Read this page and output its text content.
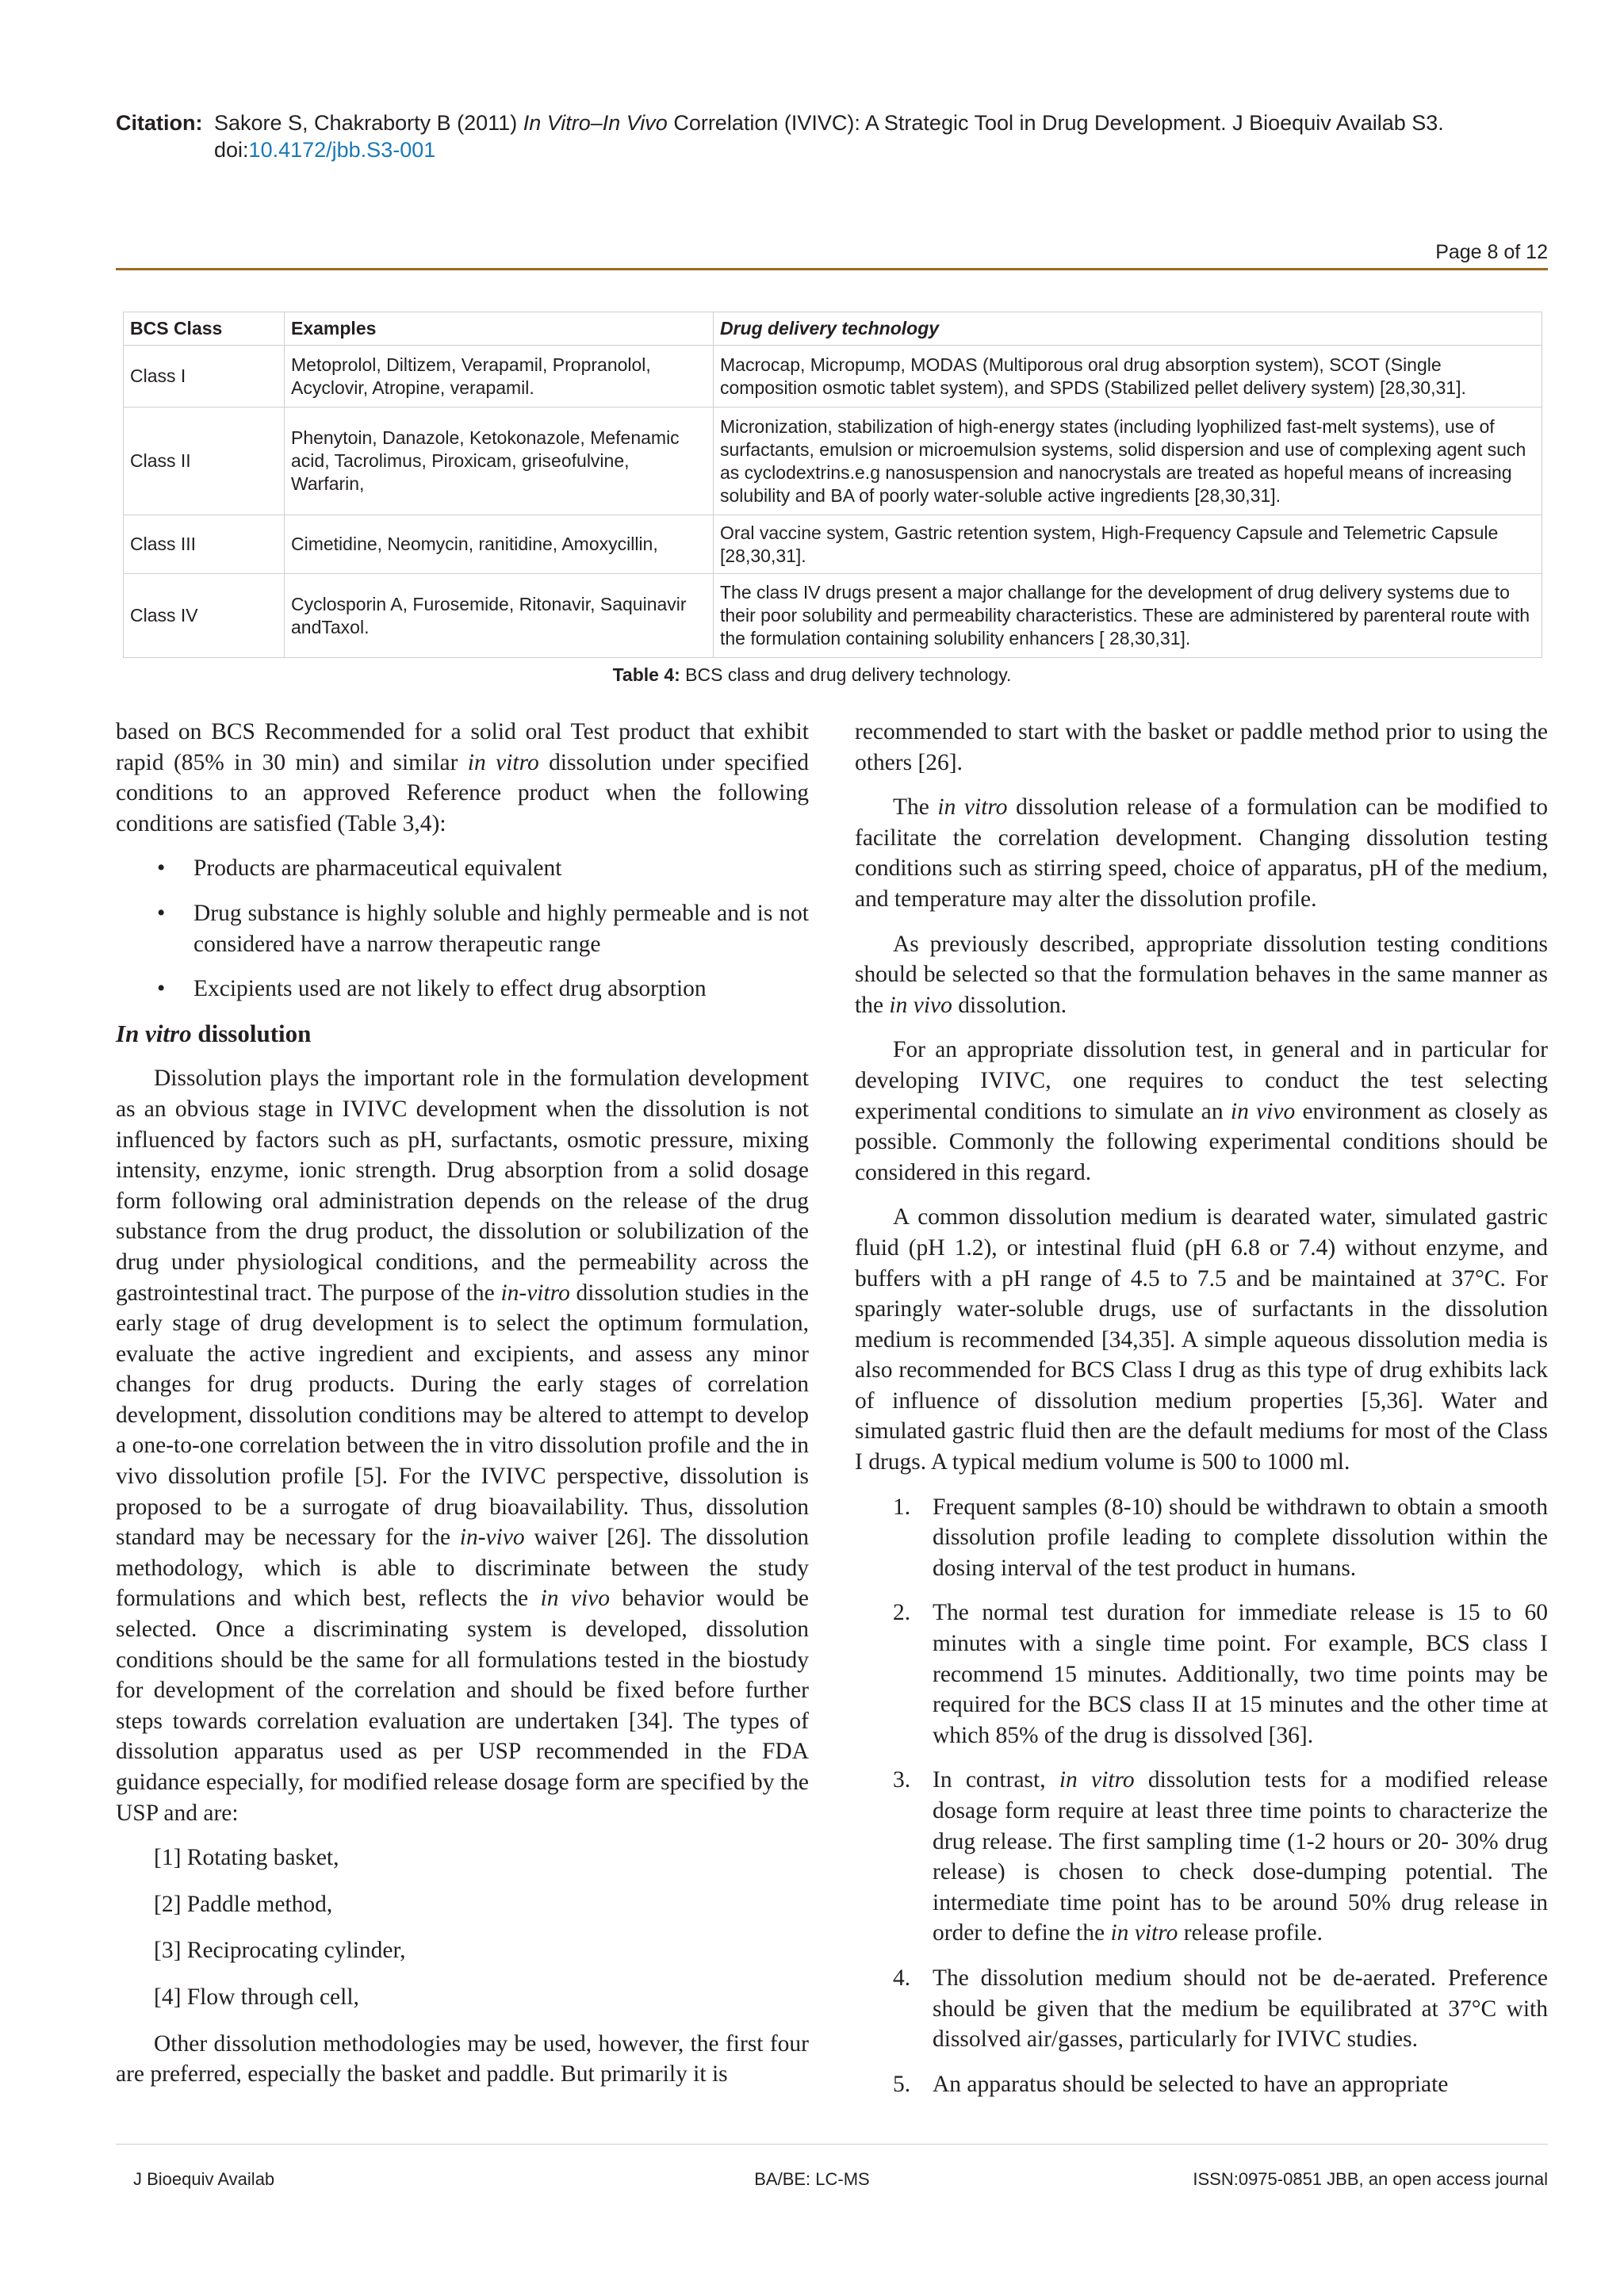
Citation: Sakore S, Chakraborty B (2011) In Vitro–In Vivo Correlation (IVIVC): A Strategic Tool in Drug Development. J Bioequiv Availab S3.
doi:10.4172/jbb.S3-001
Page 8 of 12
BCS Class	Examples	Drug delivery technology
Class I	Metoprolol, Diltizem, Verapamil, Propranolol, Acyclovir, Atropine, verapamil.	Macrocap, Micropump, MODAS (Multiporous oral drug absorption system), SCOT (Single composition osmotic tablet system), and SPDS (Stabilized pellet delivery system) [28,30,31].
Class II	Phenytoin, Danazole, Ketokonazole, Mefenamic acid, Tacrolimus, Piroxicam, griseofulvine, Warfarin,	Micronization, stabilization of high-energy states (including lyophilized fast-melt systems), use of surfactants, emulsion or microemulsion systems, solid dispersion and use of complexing agent such as cyclodextrins.e.g nanosuspension and nanocrystals are treated as hopeful means of increasing solubility and BA of poorly water-soluble active ingredients [28,30,31].
Class III	Cimetidine, Neomycin, ranitidine, Amoxycillin,	Oral vaccine system, Gastric retention system, High-Frequency Capsule and Telemetric Capsule [28,30,31].
Class IV	Cyclosporin A, Furosemide, Ritonavir, Saquinavir andTaxol.	The class IV drugs present a major challange for the development of drug delivery systems due to their poor solubility and permeability characteristics. These are administered by parenteral route with the formulation containing solubility enhancers [ 28,30,31].
Table 4: BCS class and drug delivery technology.

based on BCS Recommended for a solid oral Test product that exhibit rapid (85% in 30 min) and similar in vitro dissolution under specified conditions to an approved Reference product when the following conditions are satisfied (Table 3,4):

• Products are pharmaceutical equivalent
• Drug substance is highly soluble and highly permeable and is not considered have a narrow therapeutic range
• Excipients used are not likely to effect drug absorption
In vitro dissolution

Dissolution plays the important role in the formulation development as an obvious stage in IVIVC development when the dissolution is not influenced by factors such as pH, surfactants, osmotic pressure, mixing intensity, enzyme, ionic strength. Drug absorption from a solid dosage form following oral administration depends on the release of the drug substance from the drug product, the dissolution or solubilization of the drug under physiological conditions, and the permeability across the gastrointestinal tract. The purpose of the in-vitro dissolution studies in the early stage of drug development is to select the optimum formulation, evaluate the active ingredient and excipients, and assess any minor changes for drug products. During the early stages of correlation development, dissolution conditions may be altered to attempt to develop a one-to-one correlation between the in vitro dissolution profile and the in vivo dissolution profile [5]. For the IVIVC perspective, dissolution is proposed to be a surrogate of drug bioavailability. Thus, dissolution standard may be necessary for the in-vivo waiver [26]. The dissolution methodology, which is able to discriminate between the study formulations and which best, reflects the in vivo behavior would be selected. Once a discriminating system is developed, dissolution conditions should be the same for all formulations tested in the biostudy for development of the correlation and should be fixed before further steps towards correlation evaluation are undertaken [34]. The types of dissolution apparatus used as per USP recommended in the FDA guidance especially, for modified release dosage form are specified by the USP and are:

[1] Rotating basket,
[2] Paddle method,
[3] Reciprocating cylinder,
[4] Flow through cell,

Other dissolution methodologies may be used, however, the first four are preferred, especially the basket and paddle. But primarily it is

recommended to start with the basket or paddle method prior to using the others [26].

The in vitro dissolution release of a formulation can be modified to facilitate the correlation development. Changing dissolution testing conditions such as stirring speed, choice of apparatus, pH of the medium, and temperature may alter the dissolution profile.

As previously described, appropriate dissolution testing conditions should be selected so that the formulation behaves in the same manner as the in vivo dissolution.

For an appropriate dissolution test, in general and in particular for developing IVIVC, one requires to conduct the test selecting experimental conditions to simulate an in vivo environment as closely as possible. Commonly the following experimental conditions should be considered in this regard.

A common dissolution medium is dearated water, simulated gastric fluid (pH 1.2), or intestinal fluid (pH 6.8 or 7.4) without enzyme, and buffers with a pH range of 4.5 to 7.5 and be maintained at 37°C. For sparingly water-soluble drugs, use of surfactants in the dissolution medium is recommended [34,35]. A simple aqueous dissolution media is also recommended for BCS Class I drug as this type of drug exhibits lack of influence of dissolution medium properties [5,36]. Water and simulated gastric fluid then are the default mediums for most of the Class I drugs. A typical medium volume is 500 to 1000 ml.

1. Frequent samples (8-10) should be withdrawn to obtain a smooth dissolution profile leading to complete dissolution within the dosing interval of the test product in humans.
2. The normal test duration for immediate release is 15 to 60 minutes with a single time point. For example, BCS class I recommend 15 minutes. Additionally, two time points may be required for the BCS class II at 15 minutes and the other time at which 85% of the drug is dissolved [36].
3. In contrast, in vitro dissolution tests for a modified release dosage form require at least three time points to characterize the drug release. The first sampling time (1-2 hours or 20- 30% drug release) is chosen to check dose-dumping potential. The intermediate time point has to be around 50% drug release in order to define the in vitro release profile.
4. The dissolution medium should not be de-aerated. Preference should be given that the medium be equilibrated at 37°C with dissolved air/gasses, particularly for IVIVC studies.
5. An apparatus should be selected to have an appropriate
J Bioequiv Availab	BA/BE: LC-MS	ISSN:0975-0851 JBB, an open access journal
